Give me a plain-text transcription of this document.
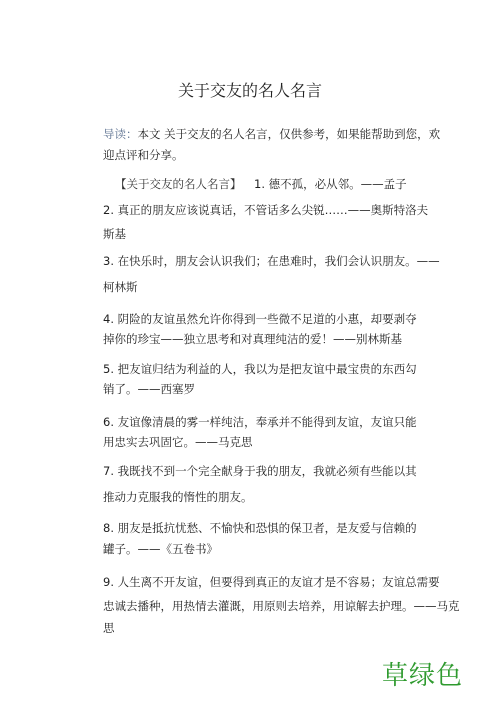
关于交友的名人名言
导读：本文 关于交友的名人名言，仅供参考，如果能帮助到您，欢迎点评和分享。
【关于交友的名人名言】 1. 德不孤，必从邻。——孟子
2. 真正的朋友应该说真话，不管话多么尖锐……——奥斯特洛夫
斯基
3. 在快乐时，朋友会认识我们；在患难时，我们会认识朋友。——
柯林斯
4. 阴险的友谊虽然允许你得到一些微不足道的小惠，却要剥夺
掉你的珍宝——独立思考和对真理纯洁的爱！——别林斯基
5. 把友谊归结为利益的人，我以为是把友谊中最宝贵的东西勾
销了。——西塞罗
6. 友谊像清晨的雾一样纯洁，奉承并不能得到友谊，友谊只能
用忠实去巩固它。——马克思
7. 我既找不到一个完全献身于我的朋友，我就必须有些能以其
推动力克服我的惰性的朋友。
8. 朋友是抵抗忧愁、不愉快和恐惧的保卫者，是友爱与信赖的
罐子。——《五卷书》
9. 人生离不开友谊，但要得到真正的友谊才是不容易；友谊总需要
忠诚去播种，用热情去灌溉，用原则去培养，用谅解去护理。——马克
思
草绿色
